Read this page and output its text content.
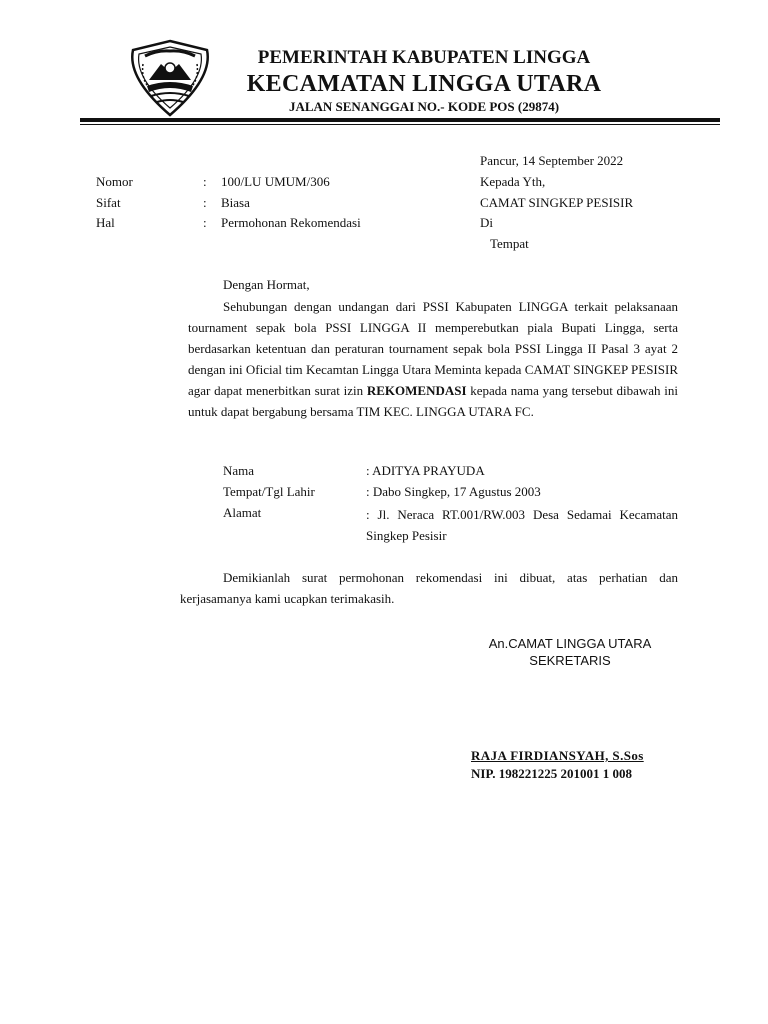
PEMERINTAH KABUPATEN LINGGA
KECAMATAN LINGGA UTARA
JALAN SENANGGAI NO.- KODE POS (29874)
Pancur, 14 September 2022
Nomor	: 100/LU UMUM/306
Sifat	: Biasa
Hal	: Permohonan Rekomendasi
Kepada Yth,
CAMAT SINGKEP PESISIR
Di
Tempat
Dengan Hormat,
Sehubungan dengan undangan dari PSSI Kabupaten LINGGA terkait pelaksanaan tournament sepak bola PSSI LINGGA II memperebutkan piala Bupati Lingga, serta berdasarkan ketentuan dan peraturan tournament sepak bola PSSI Lingga II Pasal 3 ayat 2 dengan ini Oficial tim Kecamtan Lingga Utara Meminta kepada CAMAT SINGKEP PESISIR agar dapat menerbitkan surat izin REKOMENDASI kepada nama yang tersebut dibawah ini untuk dapat bergabung bersama TIM KEC. LINGGA UTARA FC.
Nama	: ADITYA PRAYUDA
Tempat/Tgl Lahir	: Dabo Singkep, 17 Agustus 2003
Alamat	: Jl. Neraca RT.001/RW.003 Desa Sedamai Kecamatan Singkep Pesisir
Demikianlah surat permohonan rekomendasi ini dibuat, atas perhatian dan kerjasamanya kami ucapkan terimakasih.
An.CAMAT LINGGA UTARA
SEKRETARIS
RAJA FIRDIANSYAH, S.Sos
NIP. 198221225 201001 1 008
